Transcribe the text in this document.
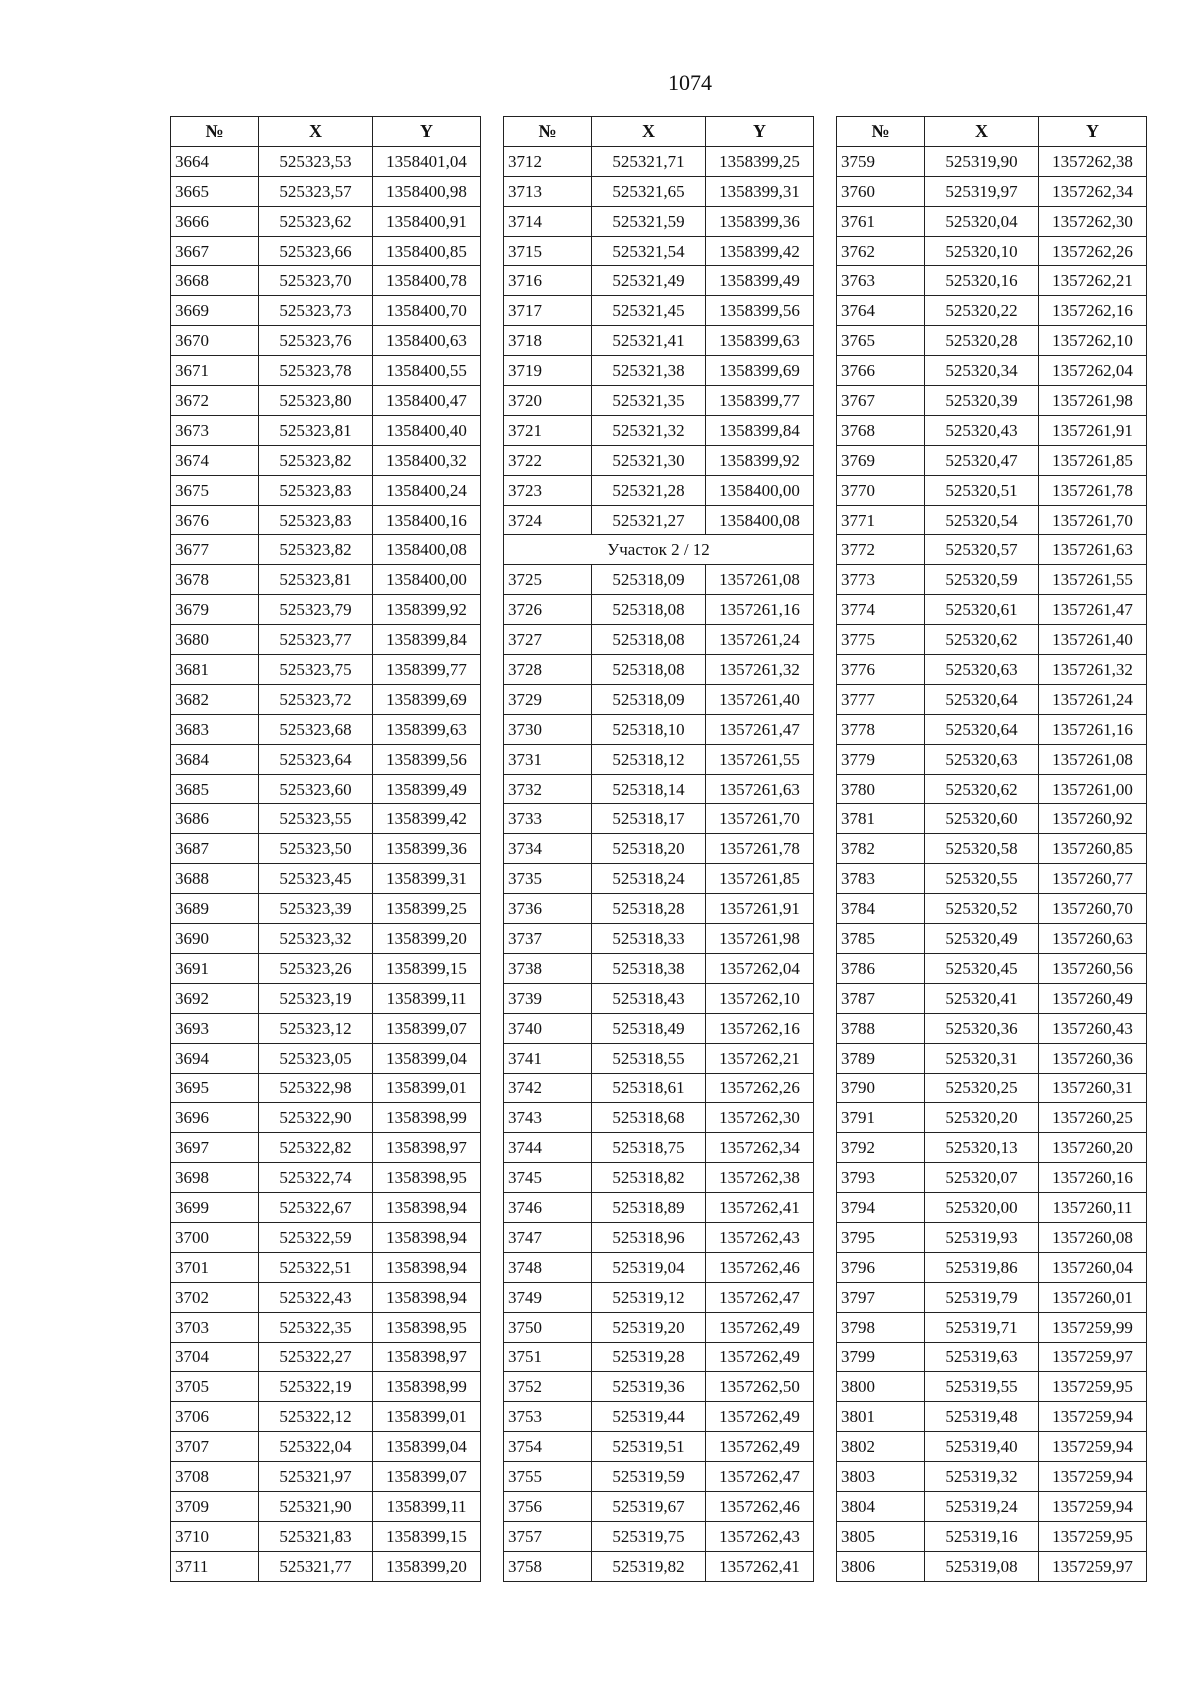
1074
№	X	Y
3664	525323,53	1358401,04
3665	525323,57	1358400,98
3666	525323,62	1358400,91
3667	525323,66	1358400,85
3668	525323,70	1358400,78
3669	525323,73	1358400,70
3670	525323,76	1358400,63
3671	525323,78	1358400,55
3672	525323,80	1358400,47
3673	525323,81	1358400,40
3674	525323,82	1358400,32
3675	525323,83	1358400,24
3676	525323,83	1358400,16
3677	525323,82	1358400,08
3678	525323,81	1358400,00
3679	525323,79	1358399,92
3680	525323,77	1358399,84
3681	525323,75	1358399,77
3682	525323,72	1358399,69
3683	525323,68	1358399,63
3684	525323,64	1358399,56
3685	525323,60	1358399,49
3686	525323,55	1358399,42
3687	525323,50	1358399,36
3688	525323,45	1358399,31
3689	525323,39	1358399,25
3690	525323,32	1358399,20
3691	525323,26	1358399,15
3692	525323,19	1358399,11
3693	525323,12	1358399,07
3694	525323,05	1358399,04
3695	525322,98	1358399,01
3696	525322,90	1358398,99
3697	525322,82	1358398,97
3698	525322,74	1358398,95
3699	525322,67	1358398,94
3700	525322,59	1358398,94
3701	525322,51	1358398,94
3702	525322,43	1358398,94
3703	525322,35	1358398,95
3704	525322,27	1358398,97
3705	525322,19	1358398,99
3706	525322,12	1358399,01
3707	525322,04	1358399,04
3708	525321,97	1358399,07
3709	525321,90	1358399,11
3710	525321,83	1358399,15
3711	525321,77	1358399,20
№	X	Y
3712	525321,71	1358399,25
3713	525321,65	1358399,31
3714	525321,59	1358399,36
3715	525321,54	1358399,42
3716	525321,49	1358399,49
3717	525321,45	1358399,56
3718	525321,41	1358399,63
3719	525321,38	1358399,69
3720	525321,35	1358399,77
3721	525321,32	1358399,84
3722	525321,30	1358399,92
3723	525321,28	1358400,00
3724	525321,27	1358400,08
Участок 2 / 12		
3725	525318,09	1357261,08
3726	525318,08	1357261,16
3727	525318,08	1357261,24
3728	525318,08	1357261,32
3729	525318,09	1357261,40
3730	525318,10	1357261,47
3731	525318,12	1357261,55
3732	525318,14	1357261,63
3733	525318,17	1357261,70
3734	525318,20	1357261,78
3735	525318,24	1357261,85
3736	525318,28	1357261,91
3737	525318,33	1357261,98
3738	525318,38	1357262,04
3739	525318,43	1357262,10
3740	525318,49	1357262,16
3741	525318,55	1357262,21
3742	525318,61	1357262,26
3743	525318,68	1357262,30
3744	525318,75	1357262,34
3745	525318,82	1357262,38
3746	525318,89	1357262,41
3747	525318,96	1357262,43
3748	525319,04	1357262,46
3749	525319,12	1357262,47
3750	525319,20	1357262,49
3751	525319,28	1357262,49
3752	525319,36	1357262,50
3753	525319,44	1357262,49
3754	525319,51	1357262,49
3755	525319,59	1357262,47
3756	525319,67	1357262,46
3757	525319,75	1357262,43
3758	525319,82	1357262,41
№	X	Y
3759	525319,90	1357262,38
3760	525319,97	1357262,34
3761	525320,04	1357262,30
3762	525320,10	1357262,26
3763	525320,16	1357262,21
3764	525320,22	1357262,16
3765	525320,28	1357262,10
3766	525320,34	1357262,04
3767	525320,39	1357261,98
3768	525320,43	1357261,91
3769	525320,47	1357261,85
3770	525320,51	1357261,78
3771	525320,54	1357261,70
3772	525320,57	1357261,63
3773	525320,59	1357261,55
3774	525320,61	1357261,47
3775	525320,62	1357261,40
3776	525320,63	1357261,32
3777	525320,64	1357261,24
3778	525320,64	1357261,16
3779	525320,63	1357261,08
3780	525320,62	1357261,00
3781	525320,60	1357260,92
3782	525320,58	1357260,85
3783	525320,55	1357260,77
3784	525320,52	1357260,70
3785	525320,49	1357260,63
3786	525320,45	1357260,56
3787	525320,41	1357260,49
3788	525320,36	1357260,43
3789	525320,31	1357260,36
3790	525320,25	1357260,31
3791	525320,20	1357260,25
3792	525320,13	1357260,20
3793	525320,07	1357260,16
3794	525320,00	1357260,11
3795	525319,93	1357260,08
3796	525319,86	1357260,04
3797	525319,79	1357260,01
3798	525319,71	1357259,99
3799	525319,63	1357259,97
3800	525319,55	1357259,95
3801	525319,48	1357259,94
3802	525319,40	1357259,94
3803	525319,32	1357259,94
3804	525319,24	1357259,94
3805	525319,16	1357259,95
3806	525319,08	1357259,97
